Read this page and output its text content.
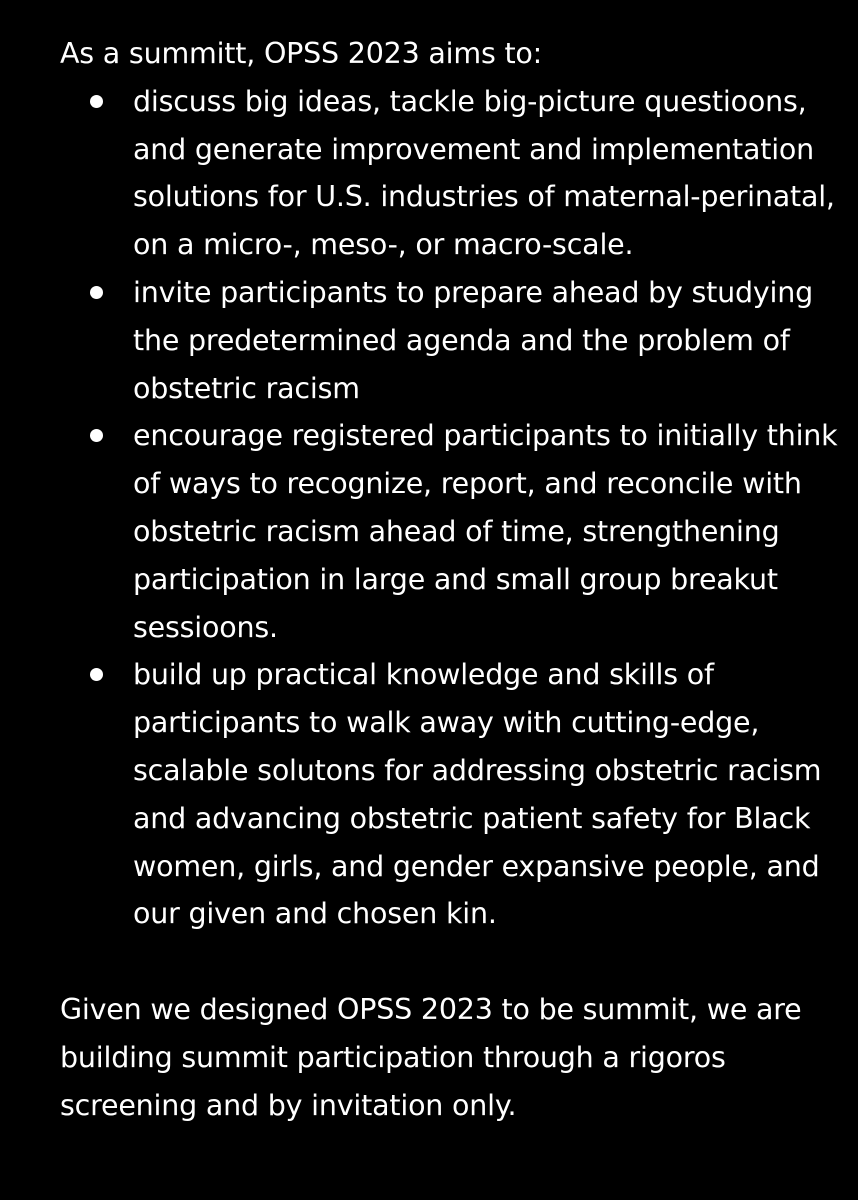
As a summitt, OPSS 2023 aims to:

discuss big ideas, tackle big-picture questioons, and generate improvement and implementation solutions for U.S. industries of maternal-perinatal, on a micro-, meso-, or macro-scale.
invite participants to prepare ahead by studying the predetermined agenda and the problem of obstetric racism
encourage registered participants to initially think of ways to recognize, report, and reconcile with obstetric racism ahead of time, strengthening participation in large and small group breakut sessioons.
build up practical knowledge and skills of participants to walk away with cutting-edge, scalable solutons for addressing obstetric racism and advancing obstetric patient safety for Black women, girls, and gender expansive people, and our given and chosen kin.

Given we designed OPSS 2023 to be summit, we are building summit participation through a rigoros screening and by invitation only.
